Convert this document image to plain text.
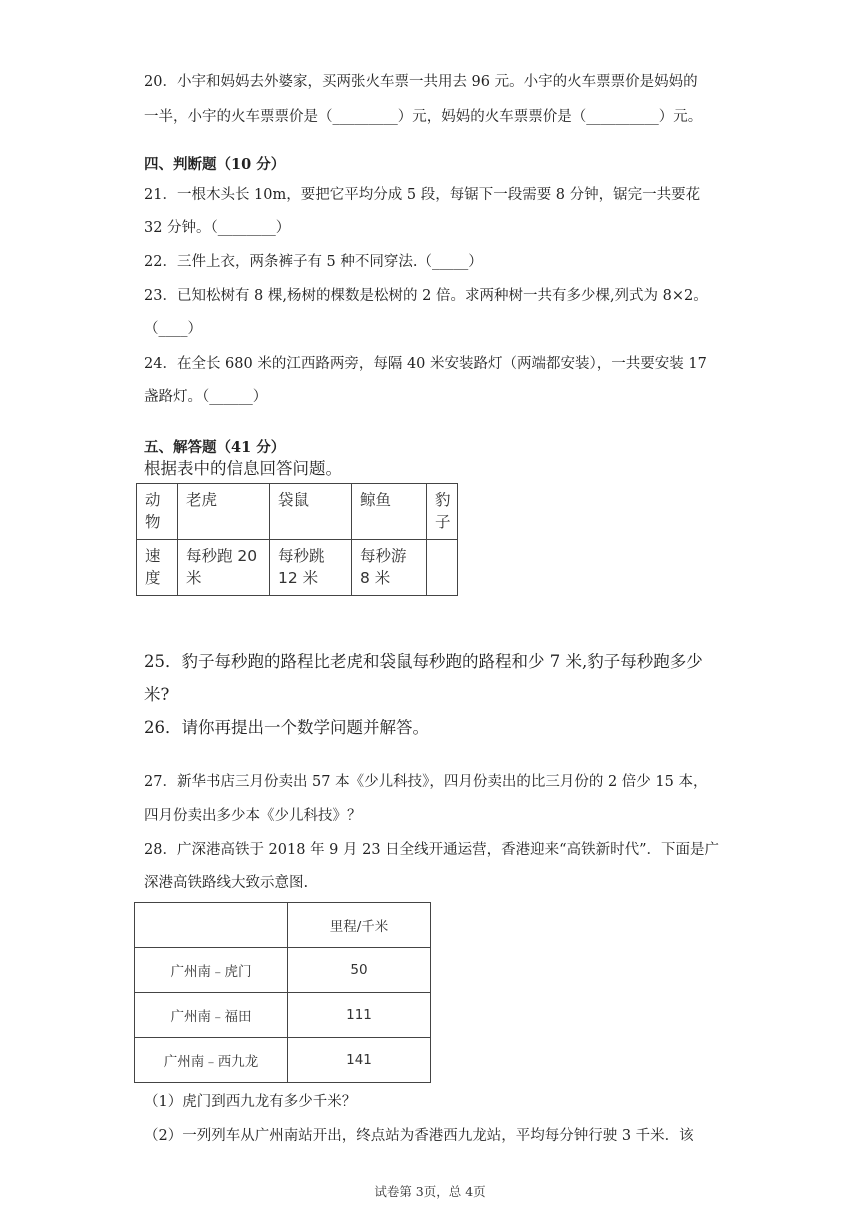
20．小宇和妈妈去外婆家，买两张火车票一共用去 96 元。小宇的火车票票价是妈妈的

一半，小宇的火车票票价是（_________）元，妈妈的火车票票价是（__________）元。

四、判断题（10 分）

21．一根木头长 10m，要把它平均分成 5 段，每锯下一段需要 8 分钟，锯完一共要花

32 分钟。（________）

22．三件上衣，两条裤子有 5 种不同穿法.（_____）

23．已知松树有 8 棵,杨树的棵数是松树的 2 倍。求两种树一共有多少棵,列式为 8×2。

（____）

24．在全长 680 米的江西路两旁，每隔 40 米安装路灯（两端都安装），一共要安装 17

盏路灯。（______）

五、解答题（41 分）

根据表中的信息回答问题。

动物	老虎	袋鼠	鲸鱼	豹子
速度	每秒跑 20 米	每秒跳 12 米	每秒游 8 米	

25．豹子每秒跑的路程比老虎和袋鼠每秒跑的路程和少 7 米,豹子每秒跑多少

米?

26．请你再提出一个数学问题并解答。

27．新华书店三月份卖出 57 本《少儿科技》，四月份卖出的比三月份的 2 倍少 15 本，

四月份卖出多少本《少儿科技》？

28．广深港高铁于 2018 年 9 月 23 日全线开通运营，香港迎来“高铁新时代”．下面是广

深港高铁路线大致示意图.

	里程/千米
广州南﹣虎门	50
广州南﹣福田	111
广州南﹣西九龙	141

（1）虎门到西九龙有多少千米？

（2）一列列车从广州南站开出，终点站为香港西九龙站，平均每分钟行驶 3 千米．该

试卷第 3页，总 4页
